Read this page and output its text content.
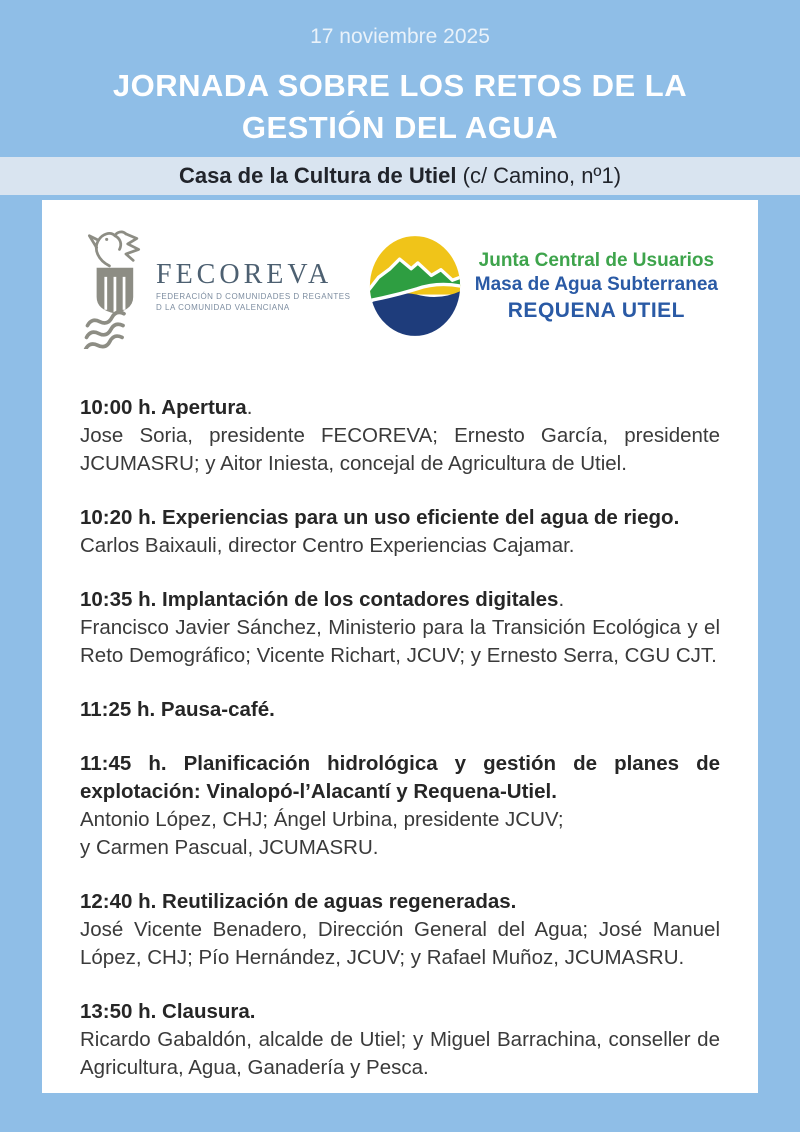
17 noviembre 2025
JORNADA SOBRE LOS RETOS DE LA
GESTIÓN DEL AGUA
Casa de la Cultura de Utiel (c/ Camino, nº1)
FECOREVA
FEDERACIÓN D COMUNIDADES D REGANTES
D LA COMUNIDAD VALENCIANA
Junta Central de Usuarios
Masa de Agua Subterranea
REQUENA UTIEL

10:00 h. Apertura.

Jose Soria, presidente FECOREVA; Ernesto García, presidente JCUMASRU; y Aitor Iniesta, concejal de Agricultura de Utiel.

10:20 h. Experiencias para un uso eficiente del agua de riego.

Carlos Baixauli, director Centro Experiencias Cajamar.

10:35 h. Implantación de los contadores digitales.

Francisco Javier Sánchez, Ministerio para la Transición Ecológica y el Reto Demográfico; Vicente Richart, JCUV; y Ernesto Serra, CGU CJT.

11:25 h. Pausa-café.

11:45 h. Planificación hidrológica y gestión de planes de explotación: Vinalopó-l’Alacantí y Requena-Utiel.

Antonio López, CHJ; Ángel Urbina, presidente JCUV;
y Carmen Pascual, JCUMASRU.

12:40 h. Reutilización de aguas regeneradas.

José Vicente Benadero, Dirección General del Agua; José Manuel López, CHJ; Pío Hernández, JCUV; y Rafael Muñoz, JCUMASRU.

13:50 h. Clausura.

Ricardo Gabaldón, alcalde de Utiel; y Miguel Barrachina, conseller de Agricultura, Agua, Ganadería y Pesca.
